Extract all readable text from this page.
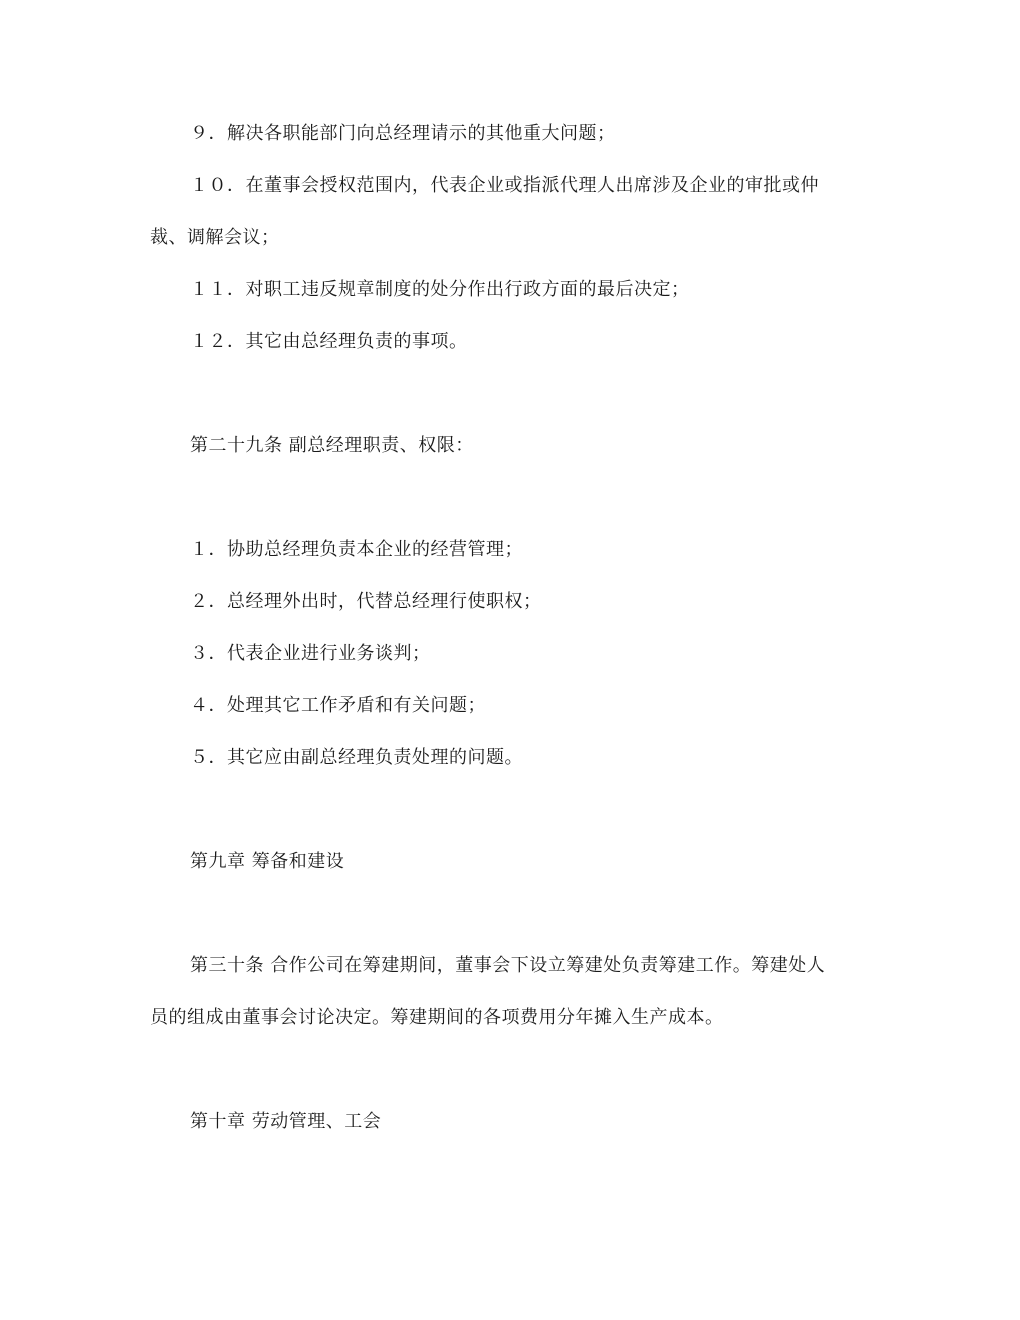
９．解决各职能部门向总经理请示的其他重大问题；
１０．在董事会授权范围内，代表企业或指派代理人出席涉及企业的审批或仲
裁、调解会议；
１１．对职工违反规章制度的处分作出行政方面的最后决定；
１２．其它由总经理负责的事项。
第二十九条 副总经理职责、权限：
１．协助总经理负责本企业的经营管理；
２．总经理外出时，代替总经理行使职权；
３．代表企业进行业务谈判；
４．处理其它工作矛盾和有关问题；
５．其它应由副总经理负责处理的问题。
第九章 筹备和建设
第三十条 合作公司在筹建期间，董事会下设立筹建处负责筹建工作。筹建处人
员的组成由董事会讨论决定。筹建期间的各项费用分年摊入生产成本。
第十章 劳动管理、工会
